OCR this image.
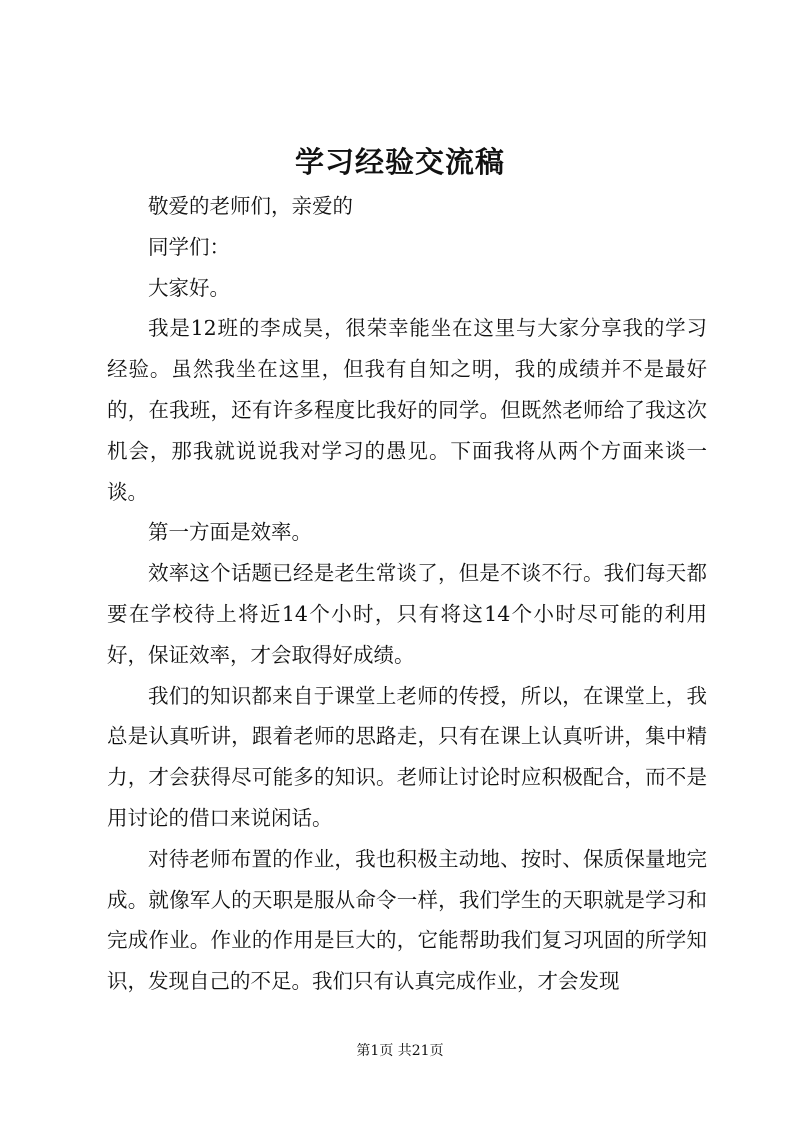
学习经验交流稿

敬爱的老师们，亲爱的

同学们：

大家好。

我是12班的李成昊，很荣幸能坐在这里与大家分享我的学习经验。虽然我坐在这里，但我有自知之明，我的成绩并不是最好的，在我班，还有许多程度比我好的同学。但既然老师给了我这次机会，那我就说说我对学习的愚见。下面我将从两个方面来谈一谈。

第一方面是效率。

效率这个话题已经是老生常谈了，但是不谈不行。我们每天都要在学校待上将近14个小时，只有将这14个小时尽可能的利用好，保证效率，才会取得好成绩。

我们的知识都来自于课堂上老师的传授，所以，在课堂上，我总是认真听讲，跟着老师的思路走，只有在课上认真听讲，集中精力，才会获得尽可能多的知识。老师让讨论时应积极配合，而不是用讨论的借口来说闲话。

对待老师布置的作业，我也积极主动地、按时、保质保量地完成。就像军人的天职是服从命令一样，我们学生的天职就是学习和完成作业。作业的作用是巨大的，它能帮助我们复习巩固的所学知识，发现自己的不足。我们只有认真完成作业，才会发现

第1页 共21页
